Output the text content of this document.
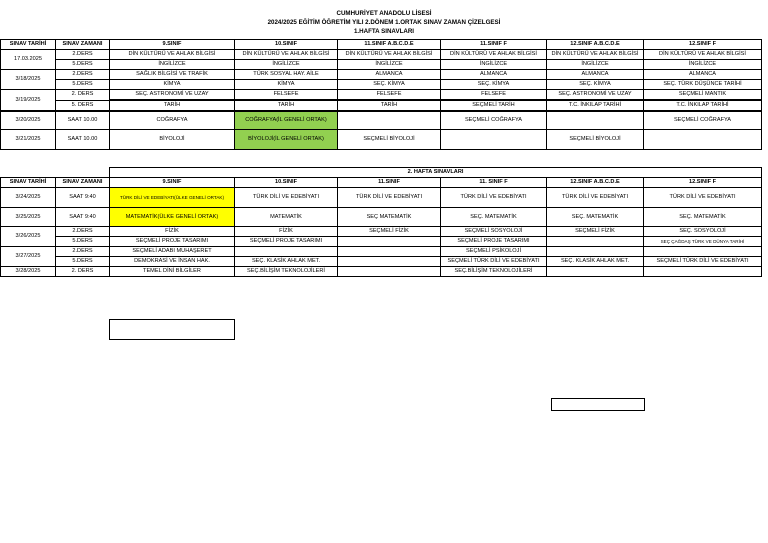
CUMHURİYET ANADOLU LİSESİ
2024/2025 EĞİTİM ÖĞRETİM YILI 2.DÖNEM 1.ORTAK SINAV ZAMAN ÇİZELGESİ
1.HAFTA SINAVLARI
SINAV TARİHİ	SINAV ZAMANI	9.SINIF	10.SINIF	11.SINIF A.B.C.D.E	11.SINIF F	12.SINIF A.B.C.D.E	12.SINIF F
17.03.2025	2.DERS	DİN KÜLTÜRÜ VE AHLAK BİLGİSİ	DİN KÜLTÜRÜ VE AHLAK BİLGİSİ	DİN KÜLTÜRÜ VE AHLAK BİLGİSİ	DİN KÜLTÜRÜ VE AHLAK BİLGİSİ	DİN KÜLTÜRÜ VE AHLAK BİLGİSİ	DİN KÜLTÜRÜ VE AHLAK BİLGİSİ
	5.DERS	İNGİLİZCE	İNGİLİZCE	İNGİLİZCE	İNGİLİZCE	İNGİLİZCE	İNGİLİZCE
3/18/2025	2.DERS	SAĞLIK BİLGİSİ VE TRAFİK	TÜRK SOSYAL HAY. AİLE	ALMANCA	ALMANCA	ALMANCA	ALMANCA
	5.DERS	KİMYA	KİMYA	SEÇ. KİMYA	SEÇ. KİMYA	SEÇ. KİMYA	SEÇ. TÜRK DÜŞÜNCE TARİHİ
3/19/2025	2. DERS	SEÇ. ASTRONOMİ VE UZAY	FELSEFE	FELSEFE	FELSEFE	SEÇ. ASTRONOMİ VE UZAY	SEÇMELİ MANTIK
	5. DERS	TARİH	TARİH	TARİH	SEÇMELİ TARİH	T.C. İNKILAP TARİHİ	T.C. İNKILAP TARİHİ
3/20/2025	SAAT 10.00	COĞRAFYA	COĞRAFYA(İL GENELİ ORTAK)		SEÇMELİ COĞRAFYA		SEÇMELİ COĞRAFYA
3/21/2025	SAAT 10.00	BİYOLOJİ	BİYOLOJİ(İL GENELİ ORTAK)	SEÇMELİ BİYOLOJİ		SEÇMELİ BİYOLOJİ	
		2. HAFTA SINAVLARI					
SINAV TARİHİ	SINAV ZAMANI	9.SINIF	10.SINIF	11.SINIF	11. SINIF F	12.SINIF A.B.C.D.E	12.SINIF F
3/24/2025	SAAT 9:40	TÜRK DİLİ VE EDEBİYATI(ÜLKE GENELİ ORTAK)	TÜRK DİLİ VE EDEBİYATI	TÜRK DİLİ VE EDEBİYATI	TÜRK DİLİ VE EDEBİYATI	TÜRK DİLİ VE EDEBİYATI	TÜRK DİLİ VE EDEBİYATI
3/25/2025	SAAT 9:40	MATEMATİK(ÜLKE GENELİ ORTAK)	MATEMATİK	SEÇ MATEMATİK	SEÇ. MATEMATİK	SEÇ. MATEMATİK	SEÇ. MATEMATİK
3/26/2025	2.DERS	FİZİK	FİZİK	SEÇMELİ FİZİK	SEÇMELİ SOSYOLOJİ	SEÇMELİ FİZİK	SEÇ. SOSYOLOJİ
	5.DERS	SEÇMELİ PROJE TASARIMI	SEÇMELİ PROJE TASARIMI		SEÇMELİ PROJE TASARIMI		SEÇ ÇAĞDAŞ TÜRK VE DÜNYA TARİHİ
3/27/2025	2.DERS	SEÇMELİ ADABI MUHAŞERET			SEÇMELİ PSİKOLOJİ		
	5.DERS	DEMOKRASİ VE İNSAN HAK.	SEÇ. KLASİK AHLAK MET.		SEÇMELİ TÜRK DİLİ VE EDEBİYATI	SEÇ. KLASİK AHLAK MET.	SEÇMELİ TÜRK DİLİ VE EDEBİYATI
3/28/2025	2. DERS	TEMEL DİNİ BİLGİLER	SEÇ.BİLİŞİM TEKNOLOJİLERİ		SEÇ.BİLİŞİM TEKNOLOJİLERİ		
